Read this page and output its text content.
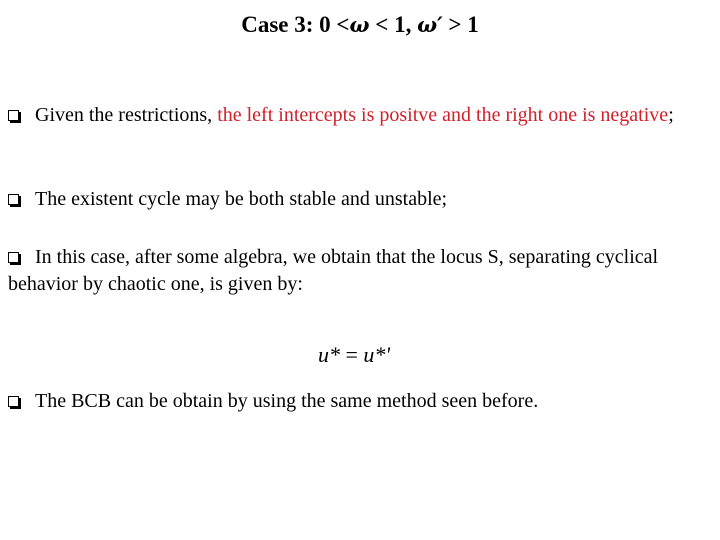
Case 3: 0 <ω < 1, ω′ > 1
Given the restrictions, the left intercepts is positve and the right one is negative;
The existent cycle may be both stable and unstable;
In this case, after some algebra, we obtain that the locus S, separating cyclical behavior by chaotic one, is given by:
u* = u*'
The BCB can be obtain by using the same method seen before.
